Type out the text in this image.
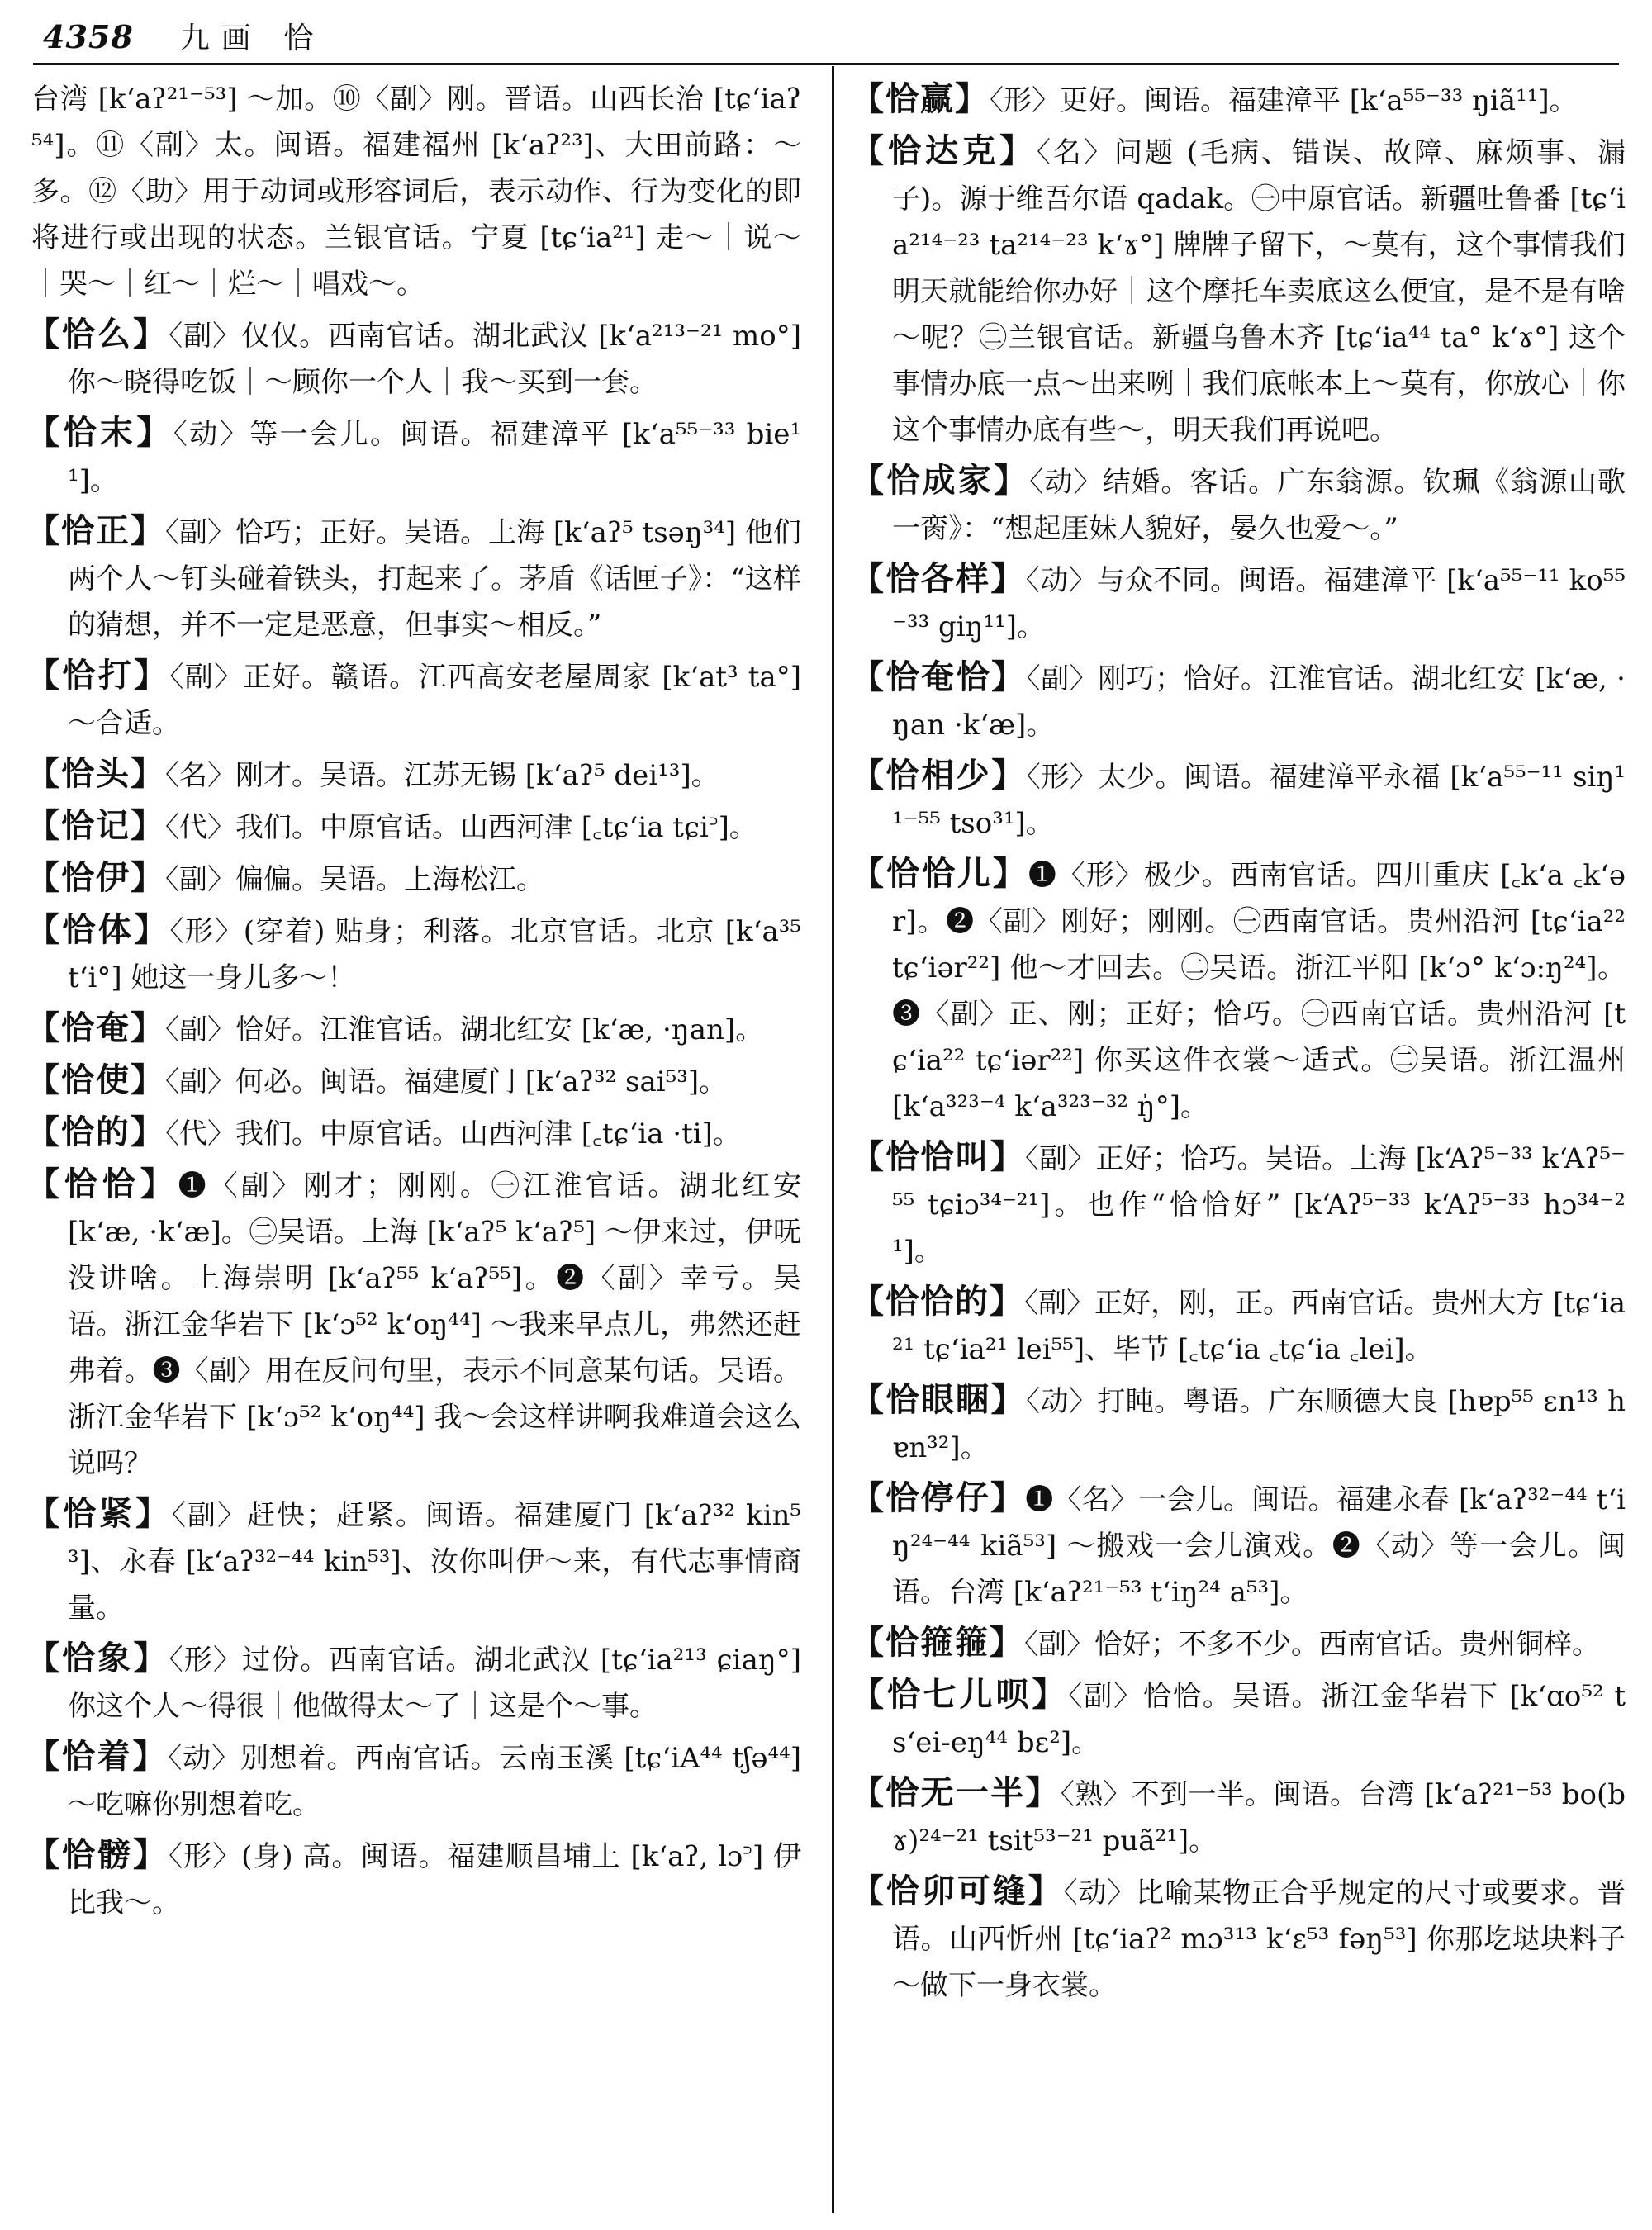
4358 九画 恰

台湾 [k‘aʔ²¹⁻⁵³] ～加。⑩〈副〉刚。晋语。山西长治 [tɕ‘iaʔ⁵⁴]。⑪〈副〉太。闽语。福建福州 [k‘aʔ²³]、大田前路：～多。⑫〈助〉用于动词或形容词后，表示动作、行为变化的即将进行或出现的状态。兰银官话。宁夏 [tɕ‘ia²¹] 走～｜说～｜哭～｜红～｜烂～｜唱戏～。

【恰么】〈副〉仅仅。西南官话。湖北武汉 [k‘a²¹³⁻²¹ mo°] 你～晓得吃饭｜～顾你一个人｜我～买到一套。

【恰末】〈动〉等一会儿。闽语。福建漳平 [k‘a⁵⁵⁻³³ bie¹¹]。

【恰正】〈副〉恰巧；正好。吴语。上海 [k‘aʔ⁵ tsəŋ³⁴] 他们两个人～钉头碰着铁头，打起来了。茅盾《话匣子》：“这样的猜想，并不一定是恶意，但事实～相反。”

【恰打】〈副〉正好。赣语。江西高安老屋周家 [k‘at³ ta°] ～合适。

【恰头】〈名〉刚才。吴语。江苏无锡 [k‘aʔ⁵ dei¹³]。

【恰记】〈代〉我们。中原官话。山西河津 [꜀tɕ‘ia tɕi꜄]。

【恰伊】〈副〉偏偏。吴语。上海松江。

【恰体】〈形〉(穿着) 贴身；利落。北京官话。北京 [k‘a³⁵ t‘i°] 她这一身儿多～！

【恰奄】〈副〉恰好。江淮官话。湖北红安 [k‘æ, ·ŋan]。

【恰使】〈副〉何必。闽语。福建厦门 [k‘aʔ³² sai⁵³]。

【恰的】〈代〉我们。中原官话。山西河津 [꜀tɕ‘ia ·ti]。

【恰恰】❶〈副〉刚才；刚刚。㊀江淮官话。湖北红安 [k‘æ, ·k‘æ]。㊁吴语。上海 [k‘aʔ⁵ k‘aʔ⁵] ～伊来过，伊呒没讲啥。上海崇明 [k‘aʔ⁵⁵ k‘aʔ⁵⁵]。❷〈副〉幸亏。吴语。浙江金华岩下 [k‘ɔ⁵² k‘oŋ⁴⁴] ～我来早点儿，弗然还赶弗着。❸〈副〉用在反问句里，表示不同意某句话。吴语。浙江金华岩下 [k‘ɔ⁵² k‘oŋ⁴⁴] 我～会这样讲啊我难道会这么说吗？

【恰紧】〈副〉赶快；赶紧。闽语。福建厦门 [k‘aʔ³² kin⁵³]、永春 [k‘aʔ³²⁻⁴⁴ kin⁵³]、汝你叫伊～来，有代志事情商量。

【恰象】〈形〉过份。西南官话。湖北武汉 [tɕ‘ia²¹³ ɕiaŋ°] 你这个人～得很｜他做得太～了｜这是个～事。

【恰着】〈动〉别想着。西南官话。云南玉溪 [tɕ‘iA⁴⁴ tʃə⁴⁴]～吃嘛你别想着吃。

【恰髈】〈形〉(身) 高。闽语。福建顺昌埔上 [k‘aʔ, lɔ꜄] 伊比我～。

【恰赢】〈形〉更好。闽语。福建漳平 [k‘a⁵⁵⁻³³ ŋiã¹¹]。

【恰达克】〈名〉问题 (毛病、错误、故障、麻烦事、漏子)。源于维吾尔语 qadak。㊀中原官话。新疆吐鲁番 [tɕ‘ia²¹⁴⁻²³ ta²¹⁴⁻²³ k‘ɤ°] 牌牌子留下，～莫有，这个事情我们明天就能给你办好｜这个摩托车卖底这么便宜，是不是有啥～呢？㊁兰银官话。新疆乌鲁木齐 [tɕ‘ia⁴⁴ ta° k‘ɤ°] 这个事情办底一点～出来咧｜我们底帐本上～莫有，你放心｜你这个事情办底有些～，明天我们再说吧。

【恰成家】〈动〉结婚。客话。广东翁源。钦珮《翁源山歌一脔》：“想起厓妹人貌好，晏久也爱～。”

【恰各样】〈动〉与众不同。闽语。福建漳平 [k‘a⁵⁵⁻¹¹ ko⁵⁵⁻³³ giŋ¹¹]。

【恰奄恰】〈副〉刚巧；恰好。江淮官话。湖北红安 [k‘æ, ·ŋan ·k‘æ]。

【恰相少】〈形〉太少。闽语。福建漳平永福 [k‘a⁵⁵⁻¹¹ siŋ¹¹⁻⁵⁵ tso³¹]。

【恰恰儿】❶〈形〉极少。西南官话。四川重庆 [꜀k‘a ꜀k‘ər]。❷〈副〉刚好；刚刚。㊀西南官话。贵州沿河 [tɕ‘ia²² tɕ‘iər²²] 他～才回去。㊁吴语。浙江平阳 [k‘ɔ° k‘ɔ:ŋ²⁴]。❸〈副〉正、刚；正好；恰巧。㊀西南官话。贵州沿河 [tɕ‘ia²² tɕ‘iər²²] 你买这件衣裳～适式。㊁吴语。浙江温州 [k‘a³²³⁻⁴ k‘a³²³⁻³² ŋ̍°]。

【恰恰叫】〈副〉正好；恰巧。吴语。上海 [k‘Aʔ⁵⁻³³ k‘Aʔ⁵⁻⁵⁵ tɕiɔ³⁴⁻²¹]。也作“恰恰好” [k‘Aʔ⁵⁻³³ k‘Aʔ⁵⁻³³ hɔ³⁴⁻²¹]。

【恰恰的】〈副〉正好，刚，正。西南官话。贵州大方 [tɕ‘ia²¹ tɕ‘ia²¹ lei⁵⁵]、毕节 [꜀tɕ‘ia ꜀tɕ‘ia ꜀lei]。

【恰眼睏】〈动〉打盹。粤语。广东顺德大良 [hɐp⁵⁵ ɛn¹³ hɐn³²]。

【恰停仔】❶〈名〉一会儿。闽语。福建永春 [k‘aʔ³²⁻⁴⁴ t‘iŋ²⁴⁻⁴⁴ kiã⁵³] ～搬戏一会儿演戏。❷〈动〉等一会儿。闽语。台湾 [k‘aʔ²¹⁻⁵³ t‘iŋ²⁴ a⁵³]。

【恰箍箍】〈副〉恰好；不多不少。西南官话。贵州铜梓。

【恰七儿呗】〈副〉恰恰。吴语。浙江金华岩下 [k‘ɑo⁵² ts‘ei-eŋ⁴⁴ bɛ²]。

【恰无一半】〈熟〉不到一半。闽语。台湾 [k‘aʔ²¹⁻⁵³ bo(bɤ)²⁴⁻²¹ tsit⁵³⁻²¹ puã²¹]。

【恰卯可缝】〈动〉比喻某物正合乎规定的尺寸或要求。晋语。山西忻州 [tɕ‘iaʔ² mɔ³¹³ k‘ɛ⁵³ fəŋ⁵³] 你那圪垯块料子～做下一身衣裳。
